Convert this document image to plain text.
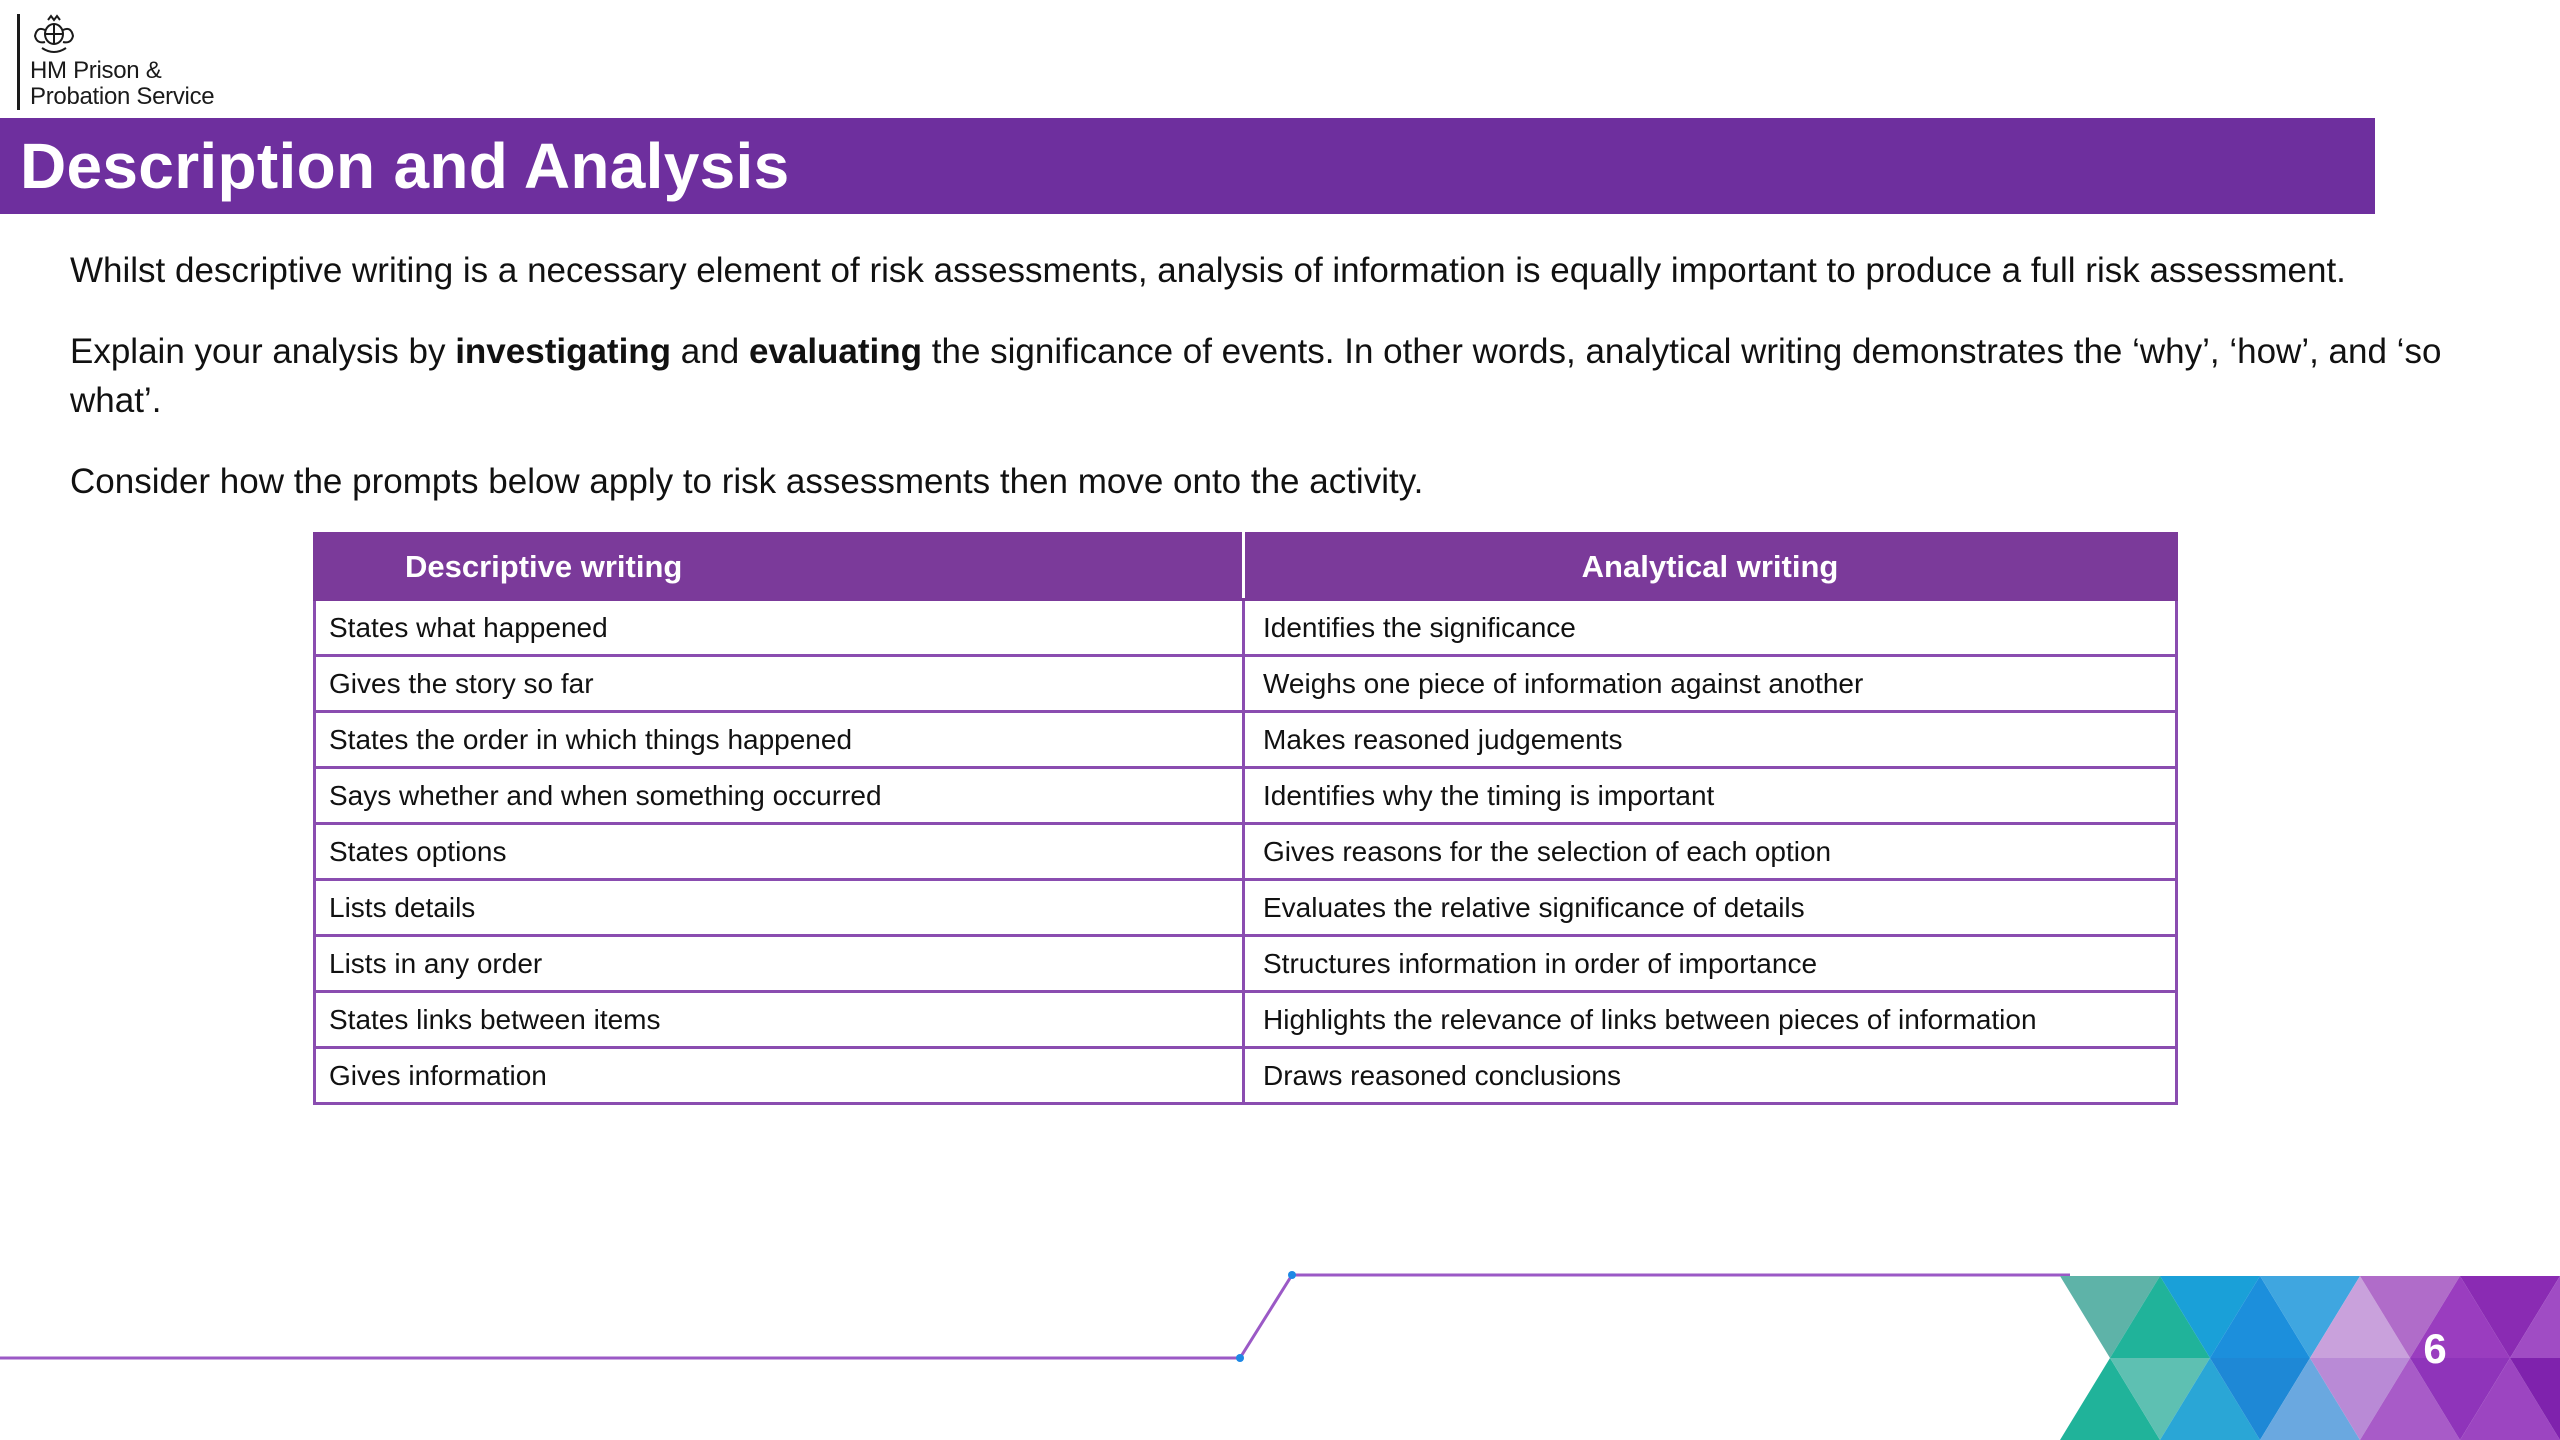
HM Prison &
Probation Service
Description and Analysis

Whilst descriptive writing is a necessary element of risk assessments, analysis of information is equally important to produce a full risk assessment.

Explain your analysis by investigating and evaluating the significance of events. In other words, analytical writing demonstrates the ‘why’, ‘how’, and ‘so what’.

Consider how the prompts below apply to risk assessments then move onto the activity.

Descriptive writing	Analytical writing
States what happened	Identifies the significance
Gives the story so far	Weighs one piece of information against another
States the order in which things happened	Makes reasoned judgements
Says whether and when something occurred	Identifies why the timing is important
States options	Gives reasons for the selection of each option
Lists details	Evaluates the relative significance of details
Lists in any order	Structures information in order of importance
States links between items	Highlights the relevance of links between pieces of information
Gives information	Draws reasoned conclusions
6
